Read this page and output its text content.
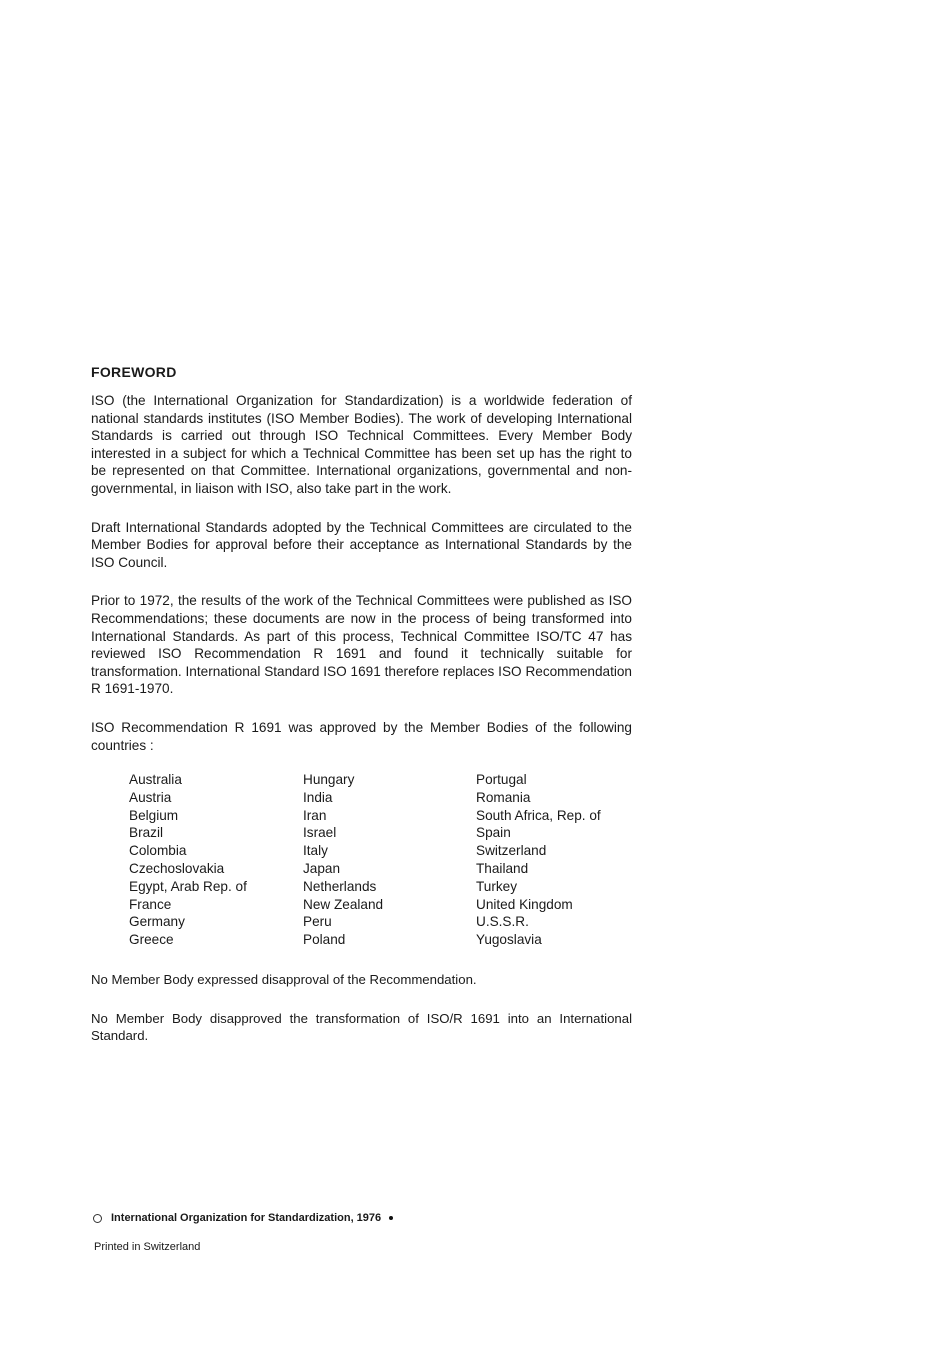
FOREWORD

ISO (the International Organization for Standardization) is a worldwide federation of national standards institutes (ISO Member Bodies). The work of developing International Standards is carried out through ISO Technical Committees. Every Member Body interested in a subject for which a Technical Committee has been set up has the right to be represented on that Committee. International organizations, governmental and non-governmental, in liaison with ISO, also take part in the work.

Draft International Standards adopted by the Technical Committees are circulated to the Member Bodies for approval before their acceptance as International Standards by the ISO Council.

Prior to 1972, the results of the work of the Technical Committees were published as ISO Recommendations; these documents are now in the process of being transformed into International Standards. As part of this process, Technical Committee ISO/TC 47 has reviewed ISO Recommendation R 1691 and found it technically suitable for transformation. International Standard ISO 1691 therefore replaces ISO Recommendation R 1691-1970.

ISO Recommendation R 1691 was approved by the Member Bodies of the following countries :

Australia
Austria
Belgium
Brazil
Colombia
Czechoslovakia
Egypt, Arab Rep. of
France
Germany
Greece
Hungary
India
Iran
Israel
Italy
Japan
Netherlands
New Zealand
Peru
Poland
Portugal
Romania
South Africa, Rep. of
Spain
Switzerland
Thailand
Turkey
United Kingdom
U.S.S.R.
Yugoslavia

No Member Body expressed disapproval of the Recommendation.

No Member Body disapproved the transformation of ISO/R 1691 into an International Standard.

International Organization for Standardization, 1976
Printed in Switzerland
